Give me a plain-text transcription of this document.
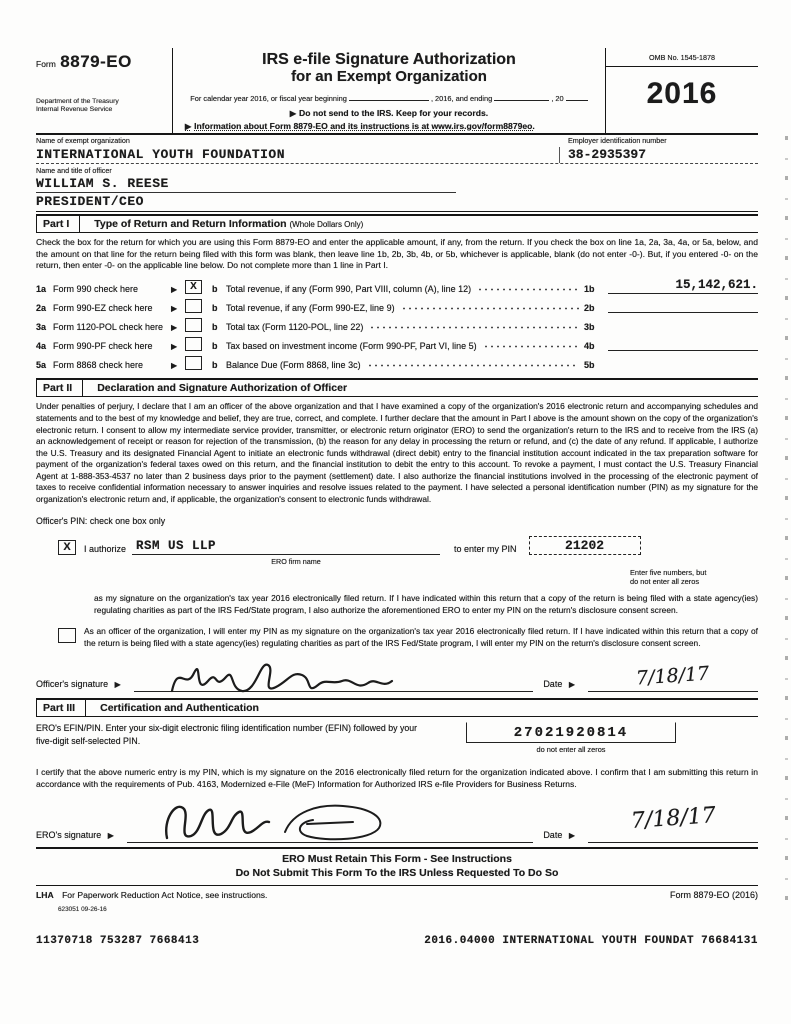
Form 8879-EO
Department of the Treasury
Internal Revenue Service
IRS e-file Signature Authorization
for an Exempt Organization
For calendar year 2016, or fiscal year beginning	, 2016, and ending	, 20
▶ Do not send to the IRS. Keep for your records.
▶ Information about Form 8879-EO and its instructions is at www.irs.gov/form8879eo.
OMB No. 1545-1878
2016
Name of exempt organization	Employer identification number
INTERNATIONAL YOUTH FOUNDATION	38-2935397
Name and title of officer
WILLIAM S. REESE
PRESIDENT/CEO
Part I	Type of Return and Return Information (Whole Dollars Only)
Check the box for the return for which you are using this Form 8879-EO and enter the applicable amount, if any, from the return. If you check the box on line 1a, 2a, 3a, 4a, or 5a, below, and the amount on that line for the return being filed with this form was blank, then leave line 1b, 2b, 3b, 4b, or 5b, whichever is applicable, blank (do not enter -0-). But, if you entered -0- on the return, then enter -0- on the applicable line below. Do not complete more than 1 line in Part I.
1a Form 990 check here	▶	X	b Total revenue, if any (Form 990, Part VIII, column (A), line 12)	1b	15,142,621.
2a Form 990-EZ check here	▶	b Total revenue, if any (Form 990-EZ, line 9)	2b
3a Form 1120-POL check here ▶	b Total tax (Form 1120-POL, line 22)	3b
4a Form 990-PF check here	▶	b Tax based on investment income (Form 990-PF, Part VI, line 5)	4b
5a Form 8868 check here	▶	b Balance Due (Form 8868, line 3c)	5b
Part II	Declaration and Signature Authorization of Officer
Under penalties of perjury, I declare that I am an officer of the above organization and that I have examined a copy of the organization's 2016 electronic return and accompanying schedules and statements and to the best of my knowledge and belief, they are true, correct, and complete. I further declare that the amount in Part I above is the amount shown on the copy of the organization's electronic return. I consent to allow my intermediate service provider, transmitter, or electronic return originator (ERO) to send the organization's return to the IRS and to receive from the IRS (a) an acknowledgement of receipt or reason for rejection of the transmission, (b) the reason for any delay in processing the return or refund, and (c) the date of any refund. If applicable, I authorize the U.S. Treasury and its designated Financial Agent to initiate an electronic funds withdrawal (direct debit) entry to the financial institution account indicated in the tax preparation software for payment of the organization's federal taxes owed on this return, and the financial institution to debit the entry to this account. To revoke a payment, I must contact the U.S. Treasury Financial Agent at 1-888-353-4537 no later than 2 business days prior to the payment (settlement) date. I also authorize the financial institutions involved in the processing of the electronic payment of taxes to receive confidential information necessary to answer inquiries and resolve issues related to the payment. I have selected a personal identification number (PIN) as my signature for the organization's electronic return and, if applicable, the organization's consent to electronic funds withdrawal.
Officer's PIN: check one box only
X	I authorize RSM US LLP	to enter my PIN	21202
ERO firm name
Enter five numbers, but
do not enter all zeros
as my signature on the organization's tax year 2016 electronically filed return. If I have indicated within this return that a copy of the return is being filed with a state agency(ies) regulating charities as part of the IRS Fed/State program, I also authorize the aforementioned ERO to enter my PIN on the return's disclosure consent screen.
As an officer of the organization, I will enter my PIN as my signature on the organization's tax year 2016 electronically filed return. If I have indicated within this return that a copy of the return is being filed with a state agency(ies) regulating charities as part of the IRS Fed/State program, I will enter my PIN on the return's disclosure consent screen.
Officer's signature ▶	Date ▶	7/18/17
Part III	Certification and Authentication
ERO's EFIN/PIN. Enter your six-digit electronic filing identification number (EFIN) followed by your five-digit self-selected PIN.
27021920814
do not enter all zeros
I certify that the above numeric entry is my PIN, which is my signature on the 2016 electronically filed return for the organization indicated above. I confirm that I am submitting this return in accordance with the requirements of Pub. 4163, Modernized e-File (MeF) Information for Authorized IRS e-file Providers for Business Returns.
ERO's signature ▶	Date ▶
7/18/17
ERO Must Retain This Form - See Instructions
Do Not Submit This Form To the IRS Unless Requested To Do So
LHA For Paperwork Reduction Act Notice, see instructions.	Form 8879-EO (2016)
623051 09-26-16
11370718 753287 7668413	2016.04000 INTERNATIONAL YOUTH FOUNDAT 76684131
